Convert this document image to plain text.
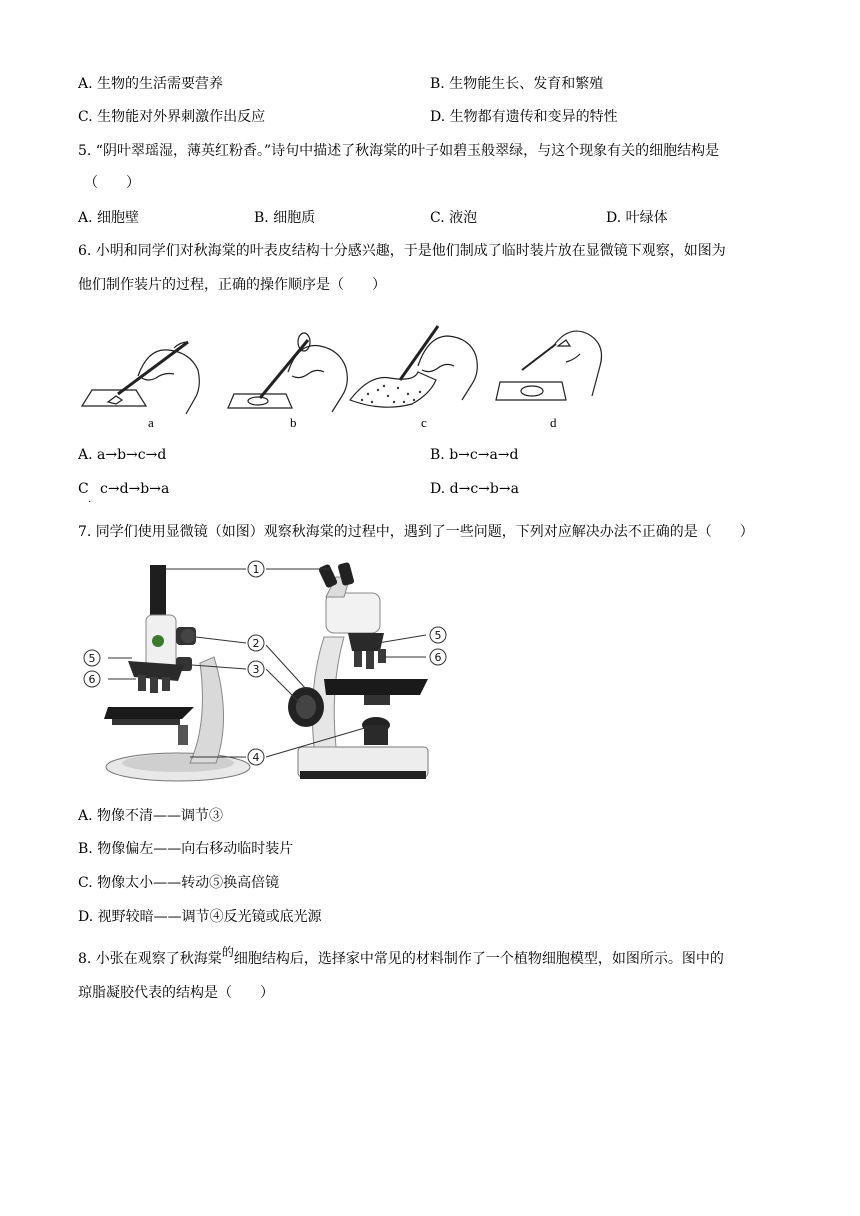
A. 生物的生活需要营养	B. 生物能生长、发育和繁殖
C. 生物能对外界刺激作出反应	D. 生物都有遗传和变异的特性
5. “阴叶翠瑶湿，薄英红粉香。”诗句中描述了秋海棠的叶子如碧玉般翠绿，与这个现象有关的细胞结构是
（　　）
A. 细胞壁	B. 细胞质	C. 液泡	D. 叶绿体
6. 小明和同学们对秋海棠的叶表皮结构十分感兴趣，于是他们制成了临时装片放在显微镜下观察，如图为
他们制作装片的过程，正确的操作顺序是（　　）
a	b	c	d
A. a→b→c→d	B. b→c→a→d
C
.
c→d→b→a	D. d→c→b→a
7. 同学们使用显微镜（如图）观察秋海棠的过程中，遇到了一些问题，下列对应解决办法不正确的是（　　）
1
2
3
4
5
6
5
6
A. 物像不清——调节③
B. 物像偏左——向右移动临时装片
C. 物像太小——转动⑤换高倍镜
D. 视野较暗——调节④反光镜或底光源
8. 小张在观察了秋海棠的细胞结构后，选择家中常见的材料制作了一个植物细胞模型，如图所示。图中的
琼脂凝胶代表的结构是（　　）
